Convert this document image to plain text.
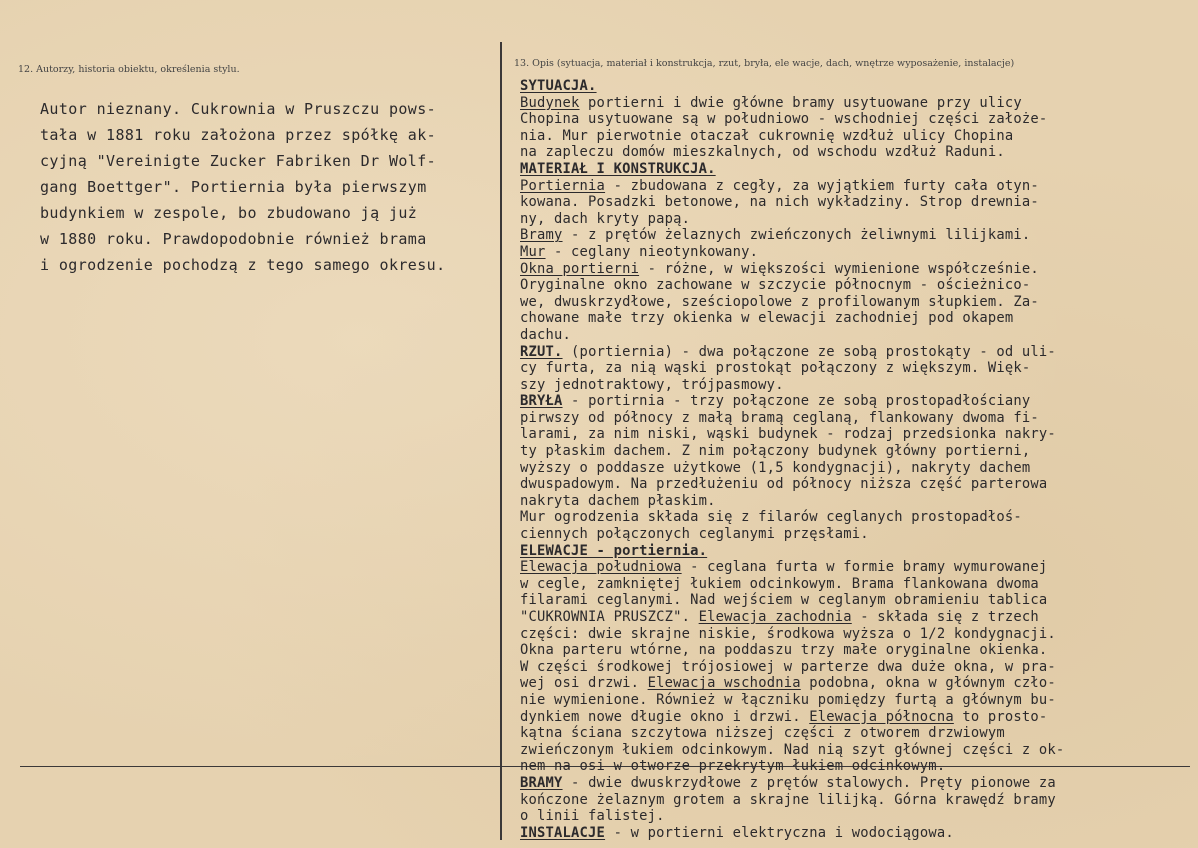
12. Autorzy, historia obiektu, określenia stylu.
13. Opis (sytuacja, materiał i konstrukcja, rzut, bryła, ele wacje, dach, wnętrze wyposażenie, instalacje)
Autor nieznany. Cukrownia w Pruszczu pows-
tała w 1881 roku założona przez spółkę ak-
cyjną "Vereinigte Zucker Fabriken Dr Wolf-
gang Boettger". Portiernia była pierwszym
budynkiem w zespole, bo zbudowano ją już
w 1880 roku. Prawdopodobnie również brama
i ogrodzenie pochodzą z tego samego okresu.
SYTUACJA.
Budynek portierni i dwie główne bramy usytuowane przy ulicy
Chopina usytuowane są w południowo - wschodniej części założe-
nia. Mur pierwotnie otaczał cukrownię wzdłuż ulicy Chopina
na zapleczu domów mieszkalnych, od wschodu wzdłuż Raduni.
MATERIAŁ I KONSTRUKCJA.
Portiernia - zbudowana z cegły, za wyjątkiem furty cała otyn-
kowana. Posadzki betonowe, na nich wykładziny. Strop drewnia-
ny, dach kryty papą.
Bramy - z prętów żelaznych zwieńczonych żeliwnymi lilijkami.
Mur - ceglany nieotynkowany.
Okna portierni - różne, w większości wymienione współcześnie.
Oryginalne okno zachowane w szczycie północnym - ościeżnico-
we, dwuskrzydłowe, sześciopolowe z profilowanym słupkiem. Za-
chowane małe trzy okienka w elewacji zachodniej pod okapem
dachu.
RZUT. (portiernia) - dwa połączone ze sobą prostokąty - od uli-
cy furta, za nią wąski prostokąt połączony z większym. Więk-
szy jednotraktowy, trójpasmowy.
BRYŁA - portirnia - trzy połączone ze sobą prostopadłościany
pirwszy od północy z małą bramą ceglaną, flankowany dwoma fi-
larami, za nim niski, wąski budynek - rodzaj przedsionka nakry-
ty płaskim dachem. Z nim połączony budynek główny portierni,
wyższy o poddasze użytkowe (1,5 kondygnacji), nakryty dachem
dwuspadowym. Na przedłużeniu od północy niższa część parterowa
nakryta dachem płaskim.
Mur ogrodzenia składa się z filarów ceglanych prostopadłoś-
ciennych połączonych ceglanymi przęsłami.
ELEWACJE - portiernia.
Elewacja południowa - ceglana furta w formie bramy wymurowanej
w cegle, zamkniętej łukiem odcinkowym. Brama flankowana dwoma
filarami ceglanymi. Nad wejściem w ceglanym obramieniu tablica
"CUKROWNIA PRUSZCZ". Elewacja zachodnia - składa się z trzech
części: dwie skrajne niskie, środkowa wyższa o 1/2 kondygnacji.
Okna parteru wtórne, na poddaszu trzy małe oryginalne okienka.
W części środkowej trójosiowej w parterze dwa duże okna, w pra-
wej osi drzwi. Elewacja wschodnia podobna, okna w głównym czło-
nie wymienione. Również w łączniku pomiędzy furtą a głównym bu-
dynkiem nowe długie okno i drzwi. Elewacja północna to prosto-
kątna ściana szczytowa niższej części z otworem drzwiowym
zwieńczonym łukiem odcinkowym. Nad nią szyt głównej części z ok-
nem na osi w otworze przekrytym łukiem odcinkowym.
BRAMY - dwie dwuskrzydłowe z prętów stalowych. Pręty pionowe za
kończone żelaznym grotem a skrajne lilijką. Górna krawędź bramy
o linii falistej.
INSTALACJE - w portierni elektryczna i wodociągowa.
